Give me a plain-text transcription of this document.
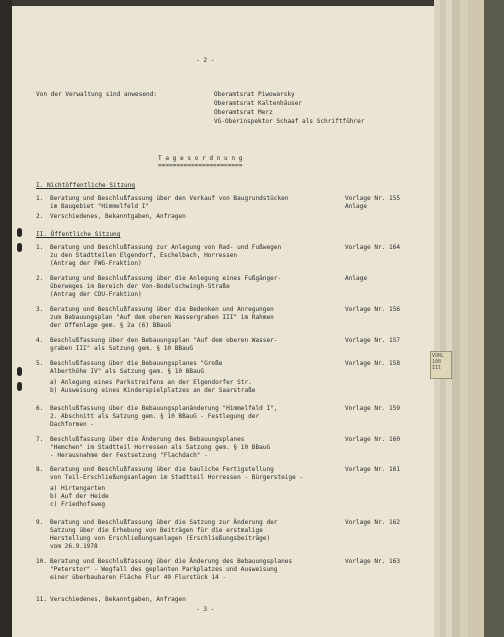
VORL
100
III
- 2 -
Von der Verwaltung sind anwesend:	Oberamtsrat Piwowarsky
Oberamtsrat Kaltenhäuser
Oberamtsrat Merz
VG-Oberinspektor Schaaf als Schriftführer
T a g e s o r d n u n g
=======================
I. Nichtöffentliche Sitzung
II. Öffentliche Sitzung
- 3 -
1. Beratung und Beschlußfassung über den Verkauf von Baugrundstücken
im Baugebiet "Himmelfeld I"
Vorlage Nr. 155
Anlage
2. Verschiedenes, Bekanntgaben, Anfragen
1. Beratung und Beschlußfassung zur Anlegung von Rad- und Fußwegen
zu den Stadtteilen Elgendorf, Eschelbach, Horressen
(Antrag der FWG-Fraktion)
Vorlage Nr. 164
2. Beratung und Beschlußfassung über die Anlegung eines Fußgänger-
überweges im Bereich der Von-Bodelschwingh-Straße
(Antrag der CDU-Fraktion)
Anlage
3. Beratung und Beschlußfassung über die Bedenken und Anregungen
zum Bebauungsplan "Auf dem oberen Wassergraben III" im Rahmen
der Offenlage gem. § 2a (6) BBauG
Vorlage Nr. 156
4. Beschlußfassung über den Bebauungsplan "Auf dem oberen Wasser-
graben III" als Satzung gem. § 10 BBauG
Vorlage Nr. 157
5. Beschlußfassung über die Bebauungsplanes "Große
Alberthöhe IV" als Satzung gem. § 10 BBauG
a) Anlegung eines Parkstreifens an der Elgendorfer Str.
b) Ausweisung eines Kinderspielplatzes an der Saarstraße
Vorlage Nr. 158
6. Beschlußfassung über die Bebauungsplanänderung "Himmelfeld I",
2. Abschnitt als Satzung gem. § 10 BBauG - Festlegung der
Dachformen -
Vorlage Nr. 159
7. Beschlußfassung über die Änderung des Bebauungsplanes
"Hemchen" im Stadtteil Horressen als Satzung gem. § 10 BBauG
- Herausnahme der Festsetzung "Flachdach" -
Vorlage Nr. 160
8. Beratung und Beschlußfassung über die bauliche Fertigstellung
von Teil-Erschließungsanlagen im Stadtteil Horressen - Bürgersteige -
a) Hirtengarten
b) Auf der Heide
c) Friedhofsweg
Vorlage Nr. 161
9. Beratung und Beschlußfassung über die Satzung zur Änderung der
Satzung über die Erhebung von Beiträgen für die erstmalige
Herstellung von Erschließungsanlagen (Erschließungsbeiträge)
vom 26.9.1978
Vorlage Nr. 162
10. Beratung und Beschlußfassung über die Änderung des Bebauungsplanes
"Peterstor" - Wegfall des geplanten Parkplatzes und Ausweisung
einer überbaubaren Fläche Flur 49 Flurstück 14 -
Vorlage Nr. 163
11. Verschiedenes, Bekanntgaben, Anfragen
